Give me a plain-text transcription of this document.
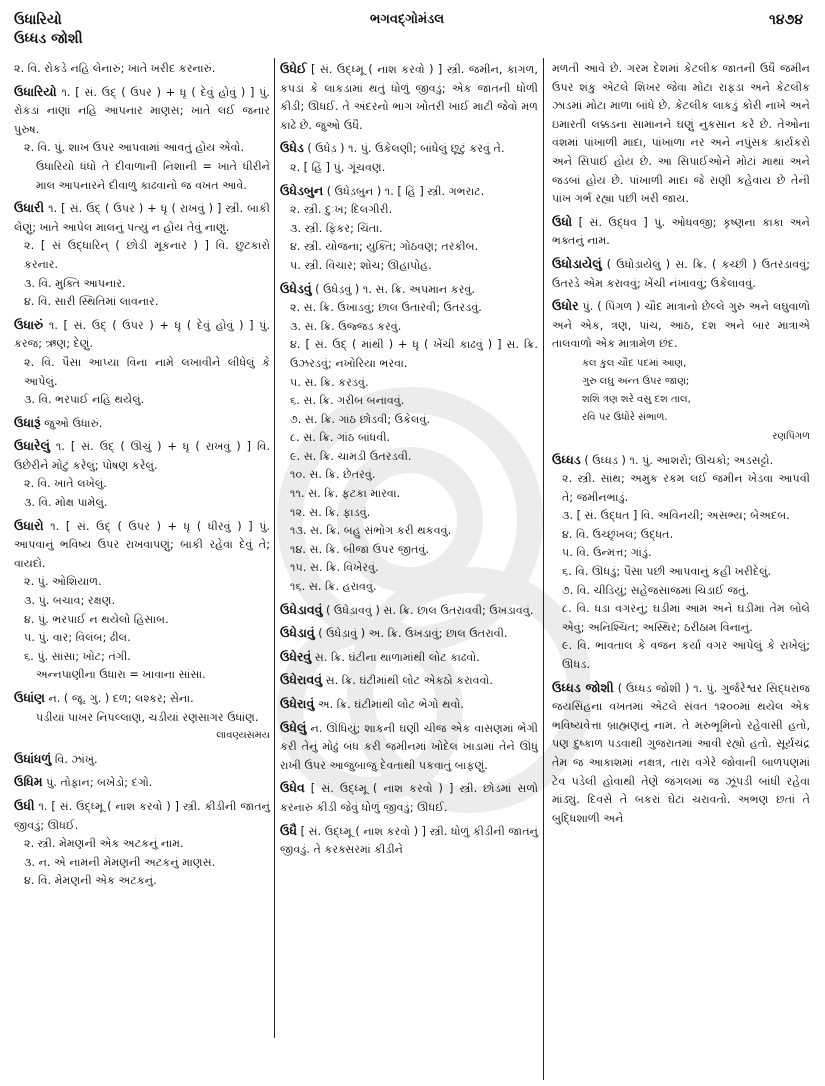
ઉધારિયો
ઉધ્ધડ જોશી
ભગવદ્ગોમંડલ	૧૪૭૪
૨. વિ. રોકડે નહિ લેનારું; ખાતે ખરીદ કરનારું.
ઉધારિયો ૧. [ સં. ઉદ્ ( ઉપર ) + ધૃ ( દેવું હોવું ) ] પું. રોકડાં નાણાં નહિ આપનાર માણસ; ખાતે લઈ જનાર પુરુષ.
૨. વિ. પું. શાખ ઉપર આપવામાં આવતું હોય એવો.
ઉધારિયો ધંધો તે દીવાળાની નિશાની = ખાતે ધીરીને માલ આપનારને દીવાળું કાઢવાનો જ વખત આવે.
ઉધારી ૧. [ સં. ઉદ્ ( ઉપર ) + ધૃ ( રાખવું ) ] સ્ત્રી. બાકી લેણું; ખાતે આપેલ માલનું પત્યું ન હોય તેવું નાણું.
૨. [ સં ઉદ્ધારિન્ ( છોડી મૂકનાર ) ] વિ. છુટકારો કરનાર.
૩. વિ. મુક્તિ આપનાર.
૪. વિ. સારી સ્થિતિમાં લાવનાર.
ઉધારું ૧. [ સં. ઉદ્ ( ઉપર ) + ધૃ ( દેવું હોવું ) ] પું. કરજ; ઋણ; દેણું.
૨. વિ. પૈસા આપ્યા વિના નામે લખાવીને લીધેલું કે આપેલું.
૩. વિ. ભરપાઈ નહિ થયેલું.
ઉધારૂં જુઓ ઉધારું.
ઉધારેલું ૧. [ સં. ઉદ્ ( ઊચું ) + ધૃ ( રાખવું ) ] વિ. ઉછેરીને મોટું કરેલું; પોષણ કરેલું.
૨. વિ. ખાતે લખેલું.
૩. વિ. મોક્ષ પામેલું.
ઉધારો ૧. [ સં. ઉદ્ ( ઉપર ) + ધૃ ( ધીરવું ) ] પું. આપવાનું ભવિષ્ય ઉપર રાખવાપણું; બાકી રહેવા દેવું તે; વાયદો.
૨. પું. ઓશિયાળ.
૩. પું. બચાવ; રક્ષણ.
૪. પું. ભરપાઈ ન થયેલો હિસાબ.
૫. પું. વાર; વિલંબ; ઢીલ.
૬. પું. સાંસા; ખોટ; તંગી.
અન્નપાણીના ઉધારા = ખાવાના સાંસા.
ઉધાંણ ન. ( જૂ. ગુ. ) દળ; લશ્કર; સેના.
પડીયાં પાખર નિપલ્લાણ, ચડીયાં રણસાગર ઉધાંણ.
લાવણ્યસમય
ઉધાંધળું વિ. ઝાંખું.
ઉધિમ પું. તોફાન; બખેડો; દંગો.
ઉધી ૧. [ સં. ઉદ્ધ્મૂ ( નાશ કરવો ) ] સ્ત્રી. કીડીની જાતનું જીવડું; ઊધઈ.
૨. સ્ત્રી. મેમણની એક અટકનું નામ.
૩. ન. એ નામની મેમણની અટકનું માણસ.
૪. વિ. મેમણની એક અટકનું.
ઉધેઈ [ સં. ઉદ્ધ્મૂ ( નાશ કરવો ) ] સ્ત્રી. જમીન, કાગળ, કપડાં કે લાકડામાં થતું ધોળું જીવડું; એક જાતની ધોળી કીડી; ઊધઈ. તે અંદરનો ભાગ ખોતરી ખાઈ માટી જેવો મળ કાઢે છે. જુઓ ઉધૈ.
ઉધેડ ( ઉધેડ઼ ) ૧. પું. ઉકેલણી; બાંધેલું છૂટું કરવું તે.
૨. [ હિં ] પું. ગૂંચવણ.
ઉધેડબુન ( ઉધેડ઼બુન ) ૧. [ હિં ] સ્ત્રી. ગભરાટ.
૨. સ્ત્રી. દુઃખ; દિલગીરી.
૩. સ્ત્રી. ફિકર; ચિંતા.
૪. સ્ત્રી. યોજના; યુક્તિ; ગોઠવણ; તરકીબ.
૫. સ્ત્રી. વિચાર; શોચ; ઊહાપોહ.
ઉધેડવું ( ઉધેડ઼વું ) ૧. સ. ક્રિ. અપમાન કરવું.
૨. સ. ક્રિ. ઉખાડવું; છાલ ઉતારવી; ઉતરડવું.
૩. સ. ક્રિ. ઉજ્જડ કરવું.
૪. [ સં. ઉદ્ ( માંથી ) + ધૃ ( ખેંચી કાઢવું ) ] સ. ક્રિ. ઉઝરડવું; નખોરિયા ભરવા.
૫. સ. ક્રિ. કરડવું.
૬. સ. ક્રિ. ગરીબ બનાવવું.
૭. સ. ક્રિ. ગાંઠ છોડવી; ઉકેલવું.
૮. સ. ક્રિ. ગાંઠ બાંધવી.
૯. સ. ક્રિ. ચામડી ઉતરડવી.
૧૦. સ. ક્રિ. છેતરવું.
૧૧. સ. ક્રિ. ફટકા મારવા.
૧૨. સ. ક્રિ. ફાડવું.
૧૩. સ. ક્રિ. બહુ સંભોગ કરી થકવવું.
૧૪. સ. ક્રિ. બીજા ઉપર જીતવું.
૧૫. સ. ક્રિ. વિખેરવું.
૧૬. સ. ક્રિ. હરાવવું.
ઉધેડાવવું ( ઉધેડ઼ાવવું ) સ. ક્રિ. છાલ ઉતરાવવી; ઉખડાવવું.
ઉધેડાવું ( ઉધેડ઼ાવું ) અ. ક્રિ. ઉખડાવું; છાલ ઉતરાવી.
ઉધેરવું સ. ક્રિ. ઘંટીના થાળામાંથી લોટ કાઢવો.
ઉધેરાવવું સ. ક્રિ. ઘંટીમાંથી લોટ એકઠો કરાવવો.
ઉધેરાવું અ. ક્રિ. ઘંટીમાંથી લોટ ભેગો થવો.
ઉધેલું ન. ઊંધિયું; શાકની ઘણી ચીજ એક વાસણમાં ભેગી કરી તેનું મોઢું બંધ કરી જમીનમાં ખોદેલ ખાડામાં તેને ઊંધું રાખી ઉપર આજુબાજુ દેવતાથી પકવાતું બાફણું.
ઉધેવ [ સં. ઉદ્ધ્મૂ ( નાશ કરવો ) ] સ્ત્રી. છોડમાં સળો કરનારું કીડી જેવું ધોળું જીવડું; ઊધઈ.
ઉધૈ [ સં. ઉદ્ધ્મૂ ( નાશ કરવો ) ] સ્ત્રી. ધોળું કીડીની જાતનું જીવડું. તે કરક્સરમાં કીડીને
મળતી આવે છે. ગરમ દેશમાં કેટલીક જાતની ઉધૈ જમીન ઉપર શંકુ એટલે શિખર જેવા મોટા રાફડા અને કેટલીક ઝાડમાં મોટા માળા બાંધે છે. કેટલીક લાકડું કોરી નાખે અને ઇમારતી લક્કડના સામાનને ઘણું નુકસાન કરે છે. તેઓના વંશમાં પાંખાળી માદા, પાંખાળા નર અને નપુંસક કાર્યકરો અને સિપાઈ હોય છે. આ સિપાઈઓને મોટાં માથાં અને જડબાં હોય છે. પાંખાળી માદા જે રાણી કહેવાય છે તેની પાંખ ગર્ભ રહ્યા પછી ખરી જાય.
ઉધો [ સં. ઉદ્ધવ ] પું. ઓધવજી; કૃષ્ણના કાકા અને ભક્તનું નામ.
ઉધોડાયેલું ( ઉધોડ઼ાયેલું ) સ. ક્રિ. ( કચ્છી ) ઉતરડાવવું; ઉતરડે એમ કરાવવું; ખેંચી નંખાવવું; ઉકેલાવવું.
ઉધોર પું. ( પિંગળ ) ચૌદ માત્રાનો છેલ્લે ગુરુ અને લઘુવાળો અને એક, ત્રણ, પાંચ, આઠ, દશ અને બાર માત્રાએ તાલવાળો એક માત્રામેળ છંદ.
કલ કુલ ચૌદ પદમાં આણ,
ગુરુ લઘુ અન્ત ઉપર જાણ;
શશિ ત્રણ શરે વસુ દશ તાલ,
રવિ પર ઉધોરે સંભાળ.
રણપિંગળ
ઉધ્ધડ ( ઉધ્ધડ઼ ) ૧. પું. આશરો; ઊચકો; અડસટ્ટો.
૨. સ્ત્રી. સાંથ; અમુક રકમ લઈ જમીન ખેડવા આપવી તે; જમીનભાડું.
૩. [ સં. ઉદ્ધત ] વિ. અવિનયી; અસભ્ય; બેઅદબ.
૪. વિ. ઉચ્છૃંખલ; ઉદ્ધત.
૫. વિ. ઉન્મત્ત; ગાંડું.
૬. વિ. ઊધડું; પૈસા પછી આપવાનું કહી ખરીદેલું.
૭. વિ. ચીડિયું; સહેજસાજમાં ચિડાઈ જતું.
૮. વિ. ધડા વગરનું; ઘડીમાં આમ અને ઘડીમાં તેમ બોલે એવું; અનિશ્ચિત; અસ્થિર; ઠરીઠામ વિનાનું.
૯. વિ. ભાવતાલ કે વજન કર્યા વગર આપેલું કે રાખેલું; ઊધડ.
ઉધ્ધડ જોશી ( ઉધ્ધડ઼ જોશી ) ૧. પું. ગુર્જરેશ્વર સિદ્ધરાજ જયસિંહના વખતમાં એટલે સંવત ૧૨૦૦માં થયેલ એક ભવિષ્યવેત્તા બ્રાહ્મણનું નામ. તે મરુભૂમિનો રહેવાસી હતો, પણ દુષ્કાળ પડવાથી ગુજરાતમાં આવી રહ્યો હતો. સૂર્યચંદ્ર તેમ જ આકાશમાં નક્ષત્ર, તારા વગેરે જોવાની બાળપણમાં ટેવ પડેલી હોવાથી તેણે જંગલમાં જ ઝૂંપડી બાંધી રહેવા માંડ્યું. દિવસે તે બકરાં ઘેટાં ચરાવતો. અભણ છતાં તે બુદ્ધિશાળી અને
